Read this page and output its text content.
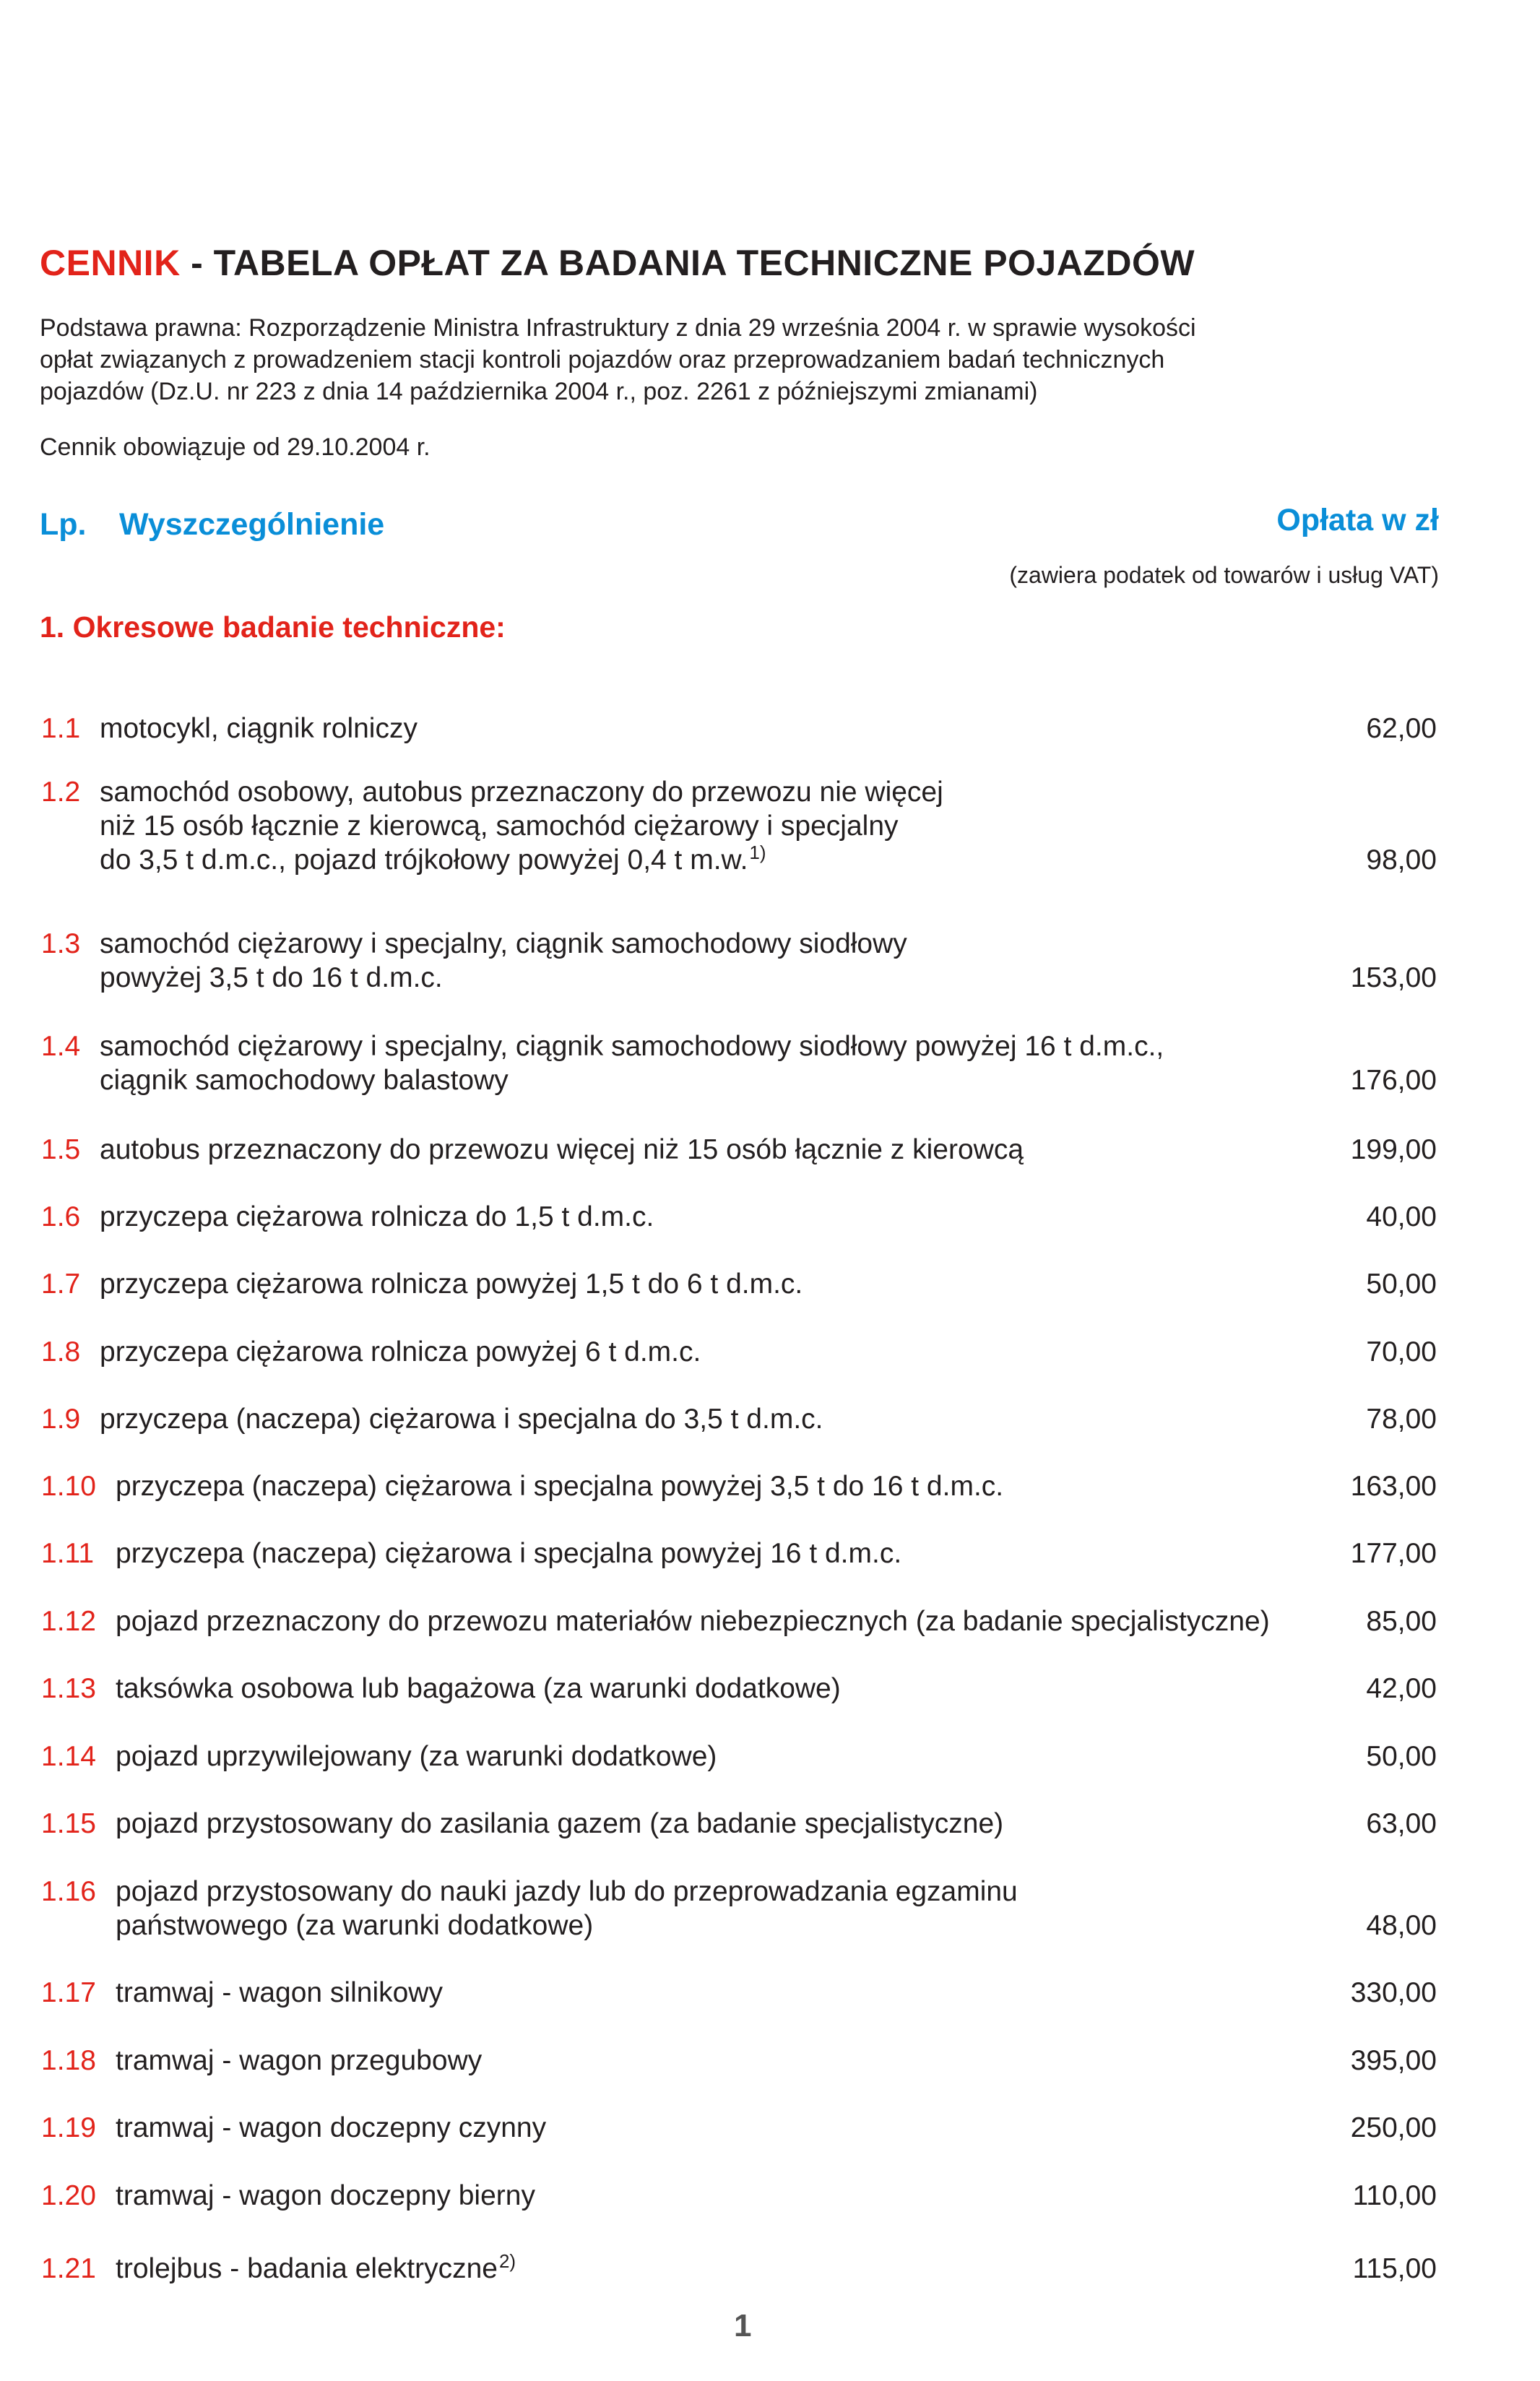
CENNIK - TABELA OPŁAT ZA BADANIA TECHNICZNE POJAZDÓW

Podstawa prawna: Rozporządzenie Ministra Infrastruktury z dnia 29 września 2004 r. w sprawie wysokości
opłat związanych z prowadzeniem stacji kontroli pojazdów oraz przeprowadzaniem badań technicznych
pojazdów (Dz.U. nr 223 z dnia 14 października 2004 r., poz. 2261 z późniejszymi zmianami)

Cennik obowiązuje od 29.10.2004 r.
Lp. Wyszczególnienie	Opłata w zł
(zawiera podatek od towarów i usług VAT)
1. Okresowe badanie techniczne:
1.1 motocykl, ciągnik rolniczy	62,00
1.2 samochód osobowy, autobus przeznaczony do przewozu nie więcej
niż 15 osób łącznie z kierowcą, samochód ciężarowy i specjalny
do 3,5 t d.m.c., pojazd trójkołowy powyżej 0,4 t m.w.$^{1)}$	98,00
1.3 samochód ciężarowy i specjalny, ciągnik samochodowy siodłowy
powyżej 3,5 t do 16 t d.m.c.	153,00
1.4 samochód ciężarowy i specjalny, ciągnik samochodowy siodłowy powyżej 16 t d.m.c.,
ciągnik samochodowy balastowy	176,00
1.5 autobus przeznaczony do przewozu więcej niż 15 osób łącznie z kierowcą	199,00
1.6 przyczepa ciężarowa rolnicza do 1,5 t d.m.c.	40,00
1.7 przyczepa ciężarowa rolnicza powyżej 1,5 t do 6 t d.m.c.	50,00
1.8 przyczepa ciężarowa rolnicza powyżej 6 t d.m.c.	70,00
1.9 przyczepa (naczepa) ciężarowa i specjalna do 3,5 t d.m.c.	78,00
1.10 przyczepa (naczepa) ciężarowa i specjalna powyżej 3,5 t do 16 t d.m.c.	163,00
1.11 przyczepa (naczepa) ciężarowa i specjalna powyżej 16 t d.m.c.	177,00
1.12 pojazd przeznaczony do przewozu materiałów niebezpiecznych (za badanie specjalistyczne)	85,00
1.13 taksówka osobowa lub bagażowa (za warunki dodatkowe)	42,00
1.14 pojazd uprzywilejowany (za warunki dodatkowe)	50,00
1.15 pojazd przystosowany do zasilania gazem (za badanie specjalistyczne)	63,00
1.16 pojazd przystosowany do nauki jazdy lub do przeprowadzania egzaminu
państwowego (za warunki dodatkowe)	48,00
1.17 tramwaj - wagon silnikowy	330,00
1.18 tramwaj - wagon przegubowy	395,00
1.19 tramwaj - wagon doczepny czynny	250,00
1.20 tramwaj - wagon doczepny bierny	110,00
1.21 trolejbus - badania elektryczne$^{2)}$	115,00
1
